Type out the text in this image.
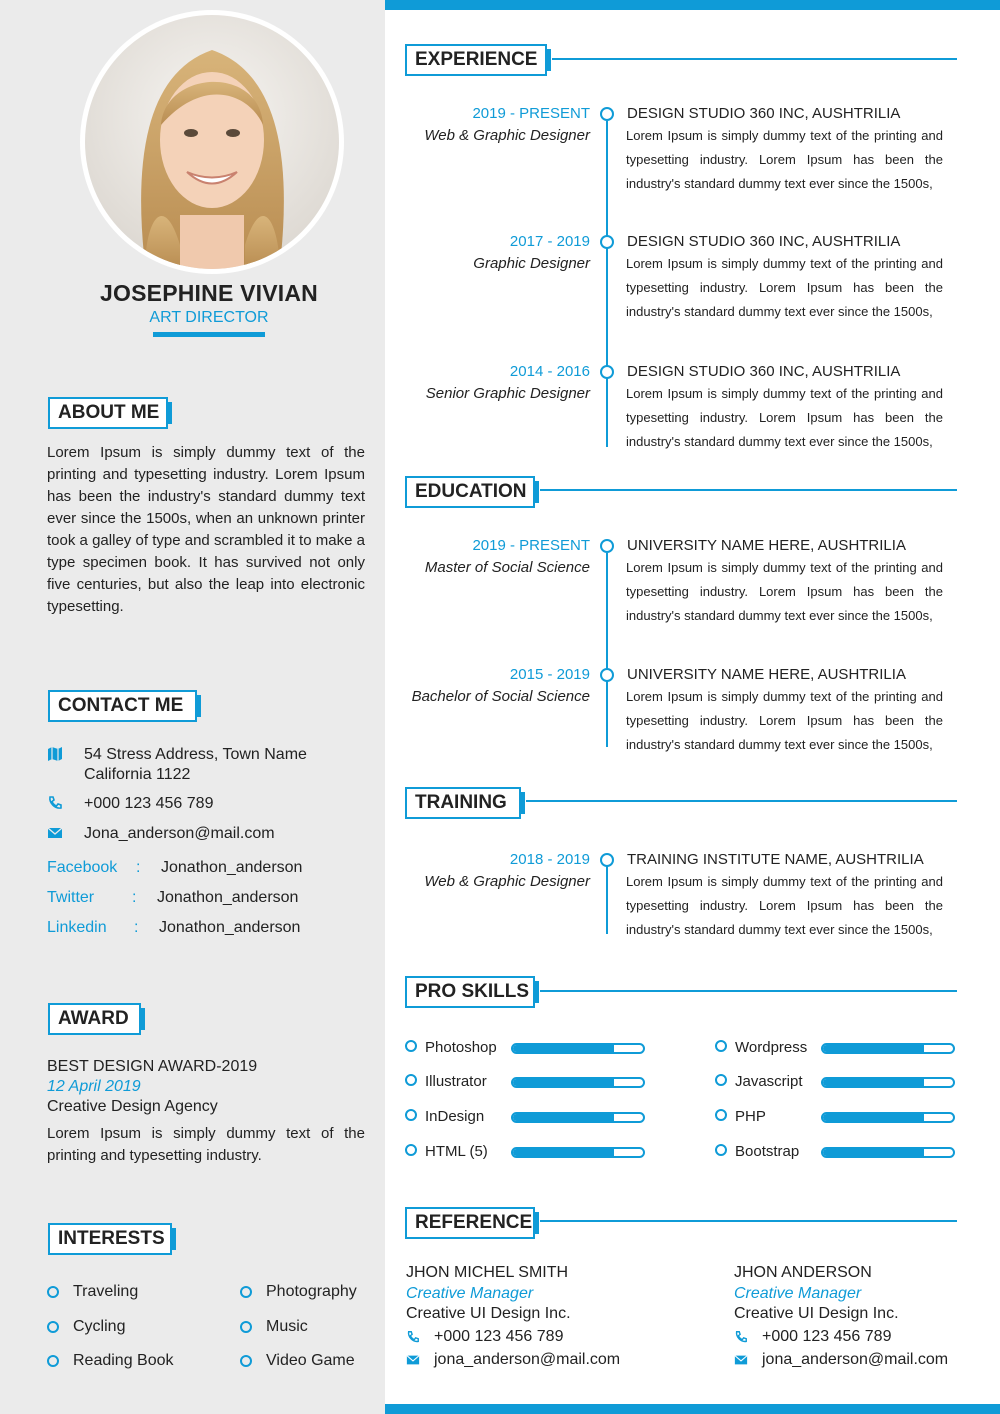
JOSEPHINE VIVIAN
ART DIRECTOR
ABOUT ME
Lorem Ipsum is simply dummy text of the printing and typesetting industry. Lorem Ipsum has been the industry's standard dummy text ever since the 1500s, when an unknown printer took a galley of type and scrambled it to make a type specimen book. It has survived not only five centuries, but also the leap into electronic typesetting.
CONTACT ME
54 Stress Address, Town Name
California 1122
+000 123 456 789
Jona_anderson@mail.com
Facebook : Jonathon_anderson
Twitter : Jonathon_anderson
Linkedin : Jonathon_anderson
AWARD
BEST DESIGN AWARD-2019
12 April 2019
Creative Design Agency
Lorem Ipsum is simply dummy text of the printing and typesetting industry.
INTERESTS
Traveling	Photography
Cycling	Music
Reading Book	Video Game
EXPERIENCE
2019 - PRESENT
Web & Graphic Designer
DESIGN STUDIO 360 INC, AUSHTRILIA
Lorem Ipsum is simply dummy text of the printing and typesetting industry. Lorem Ipsum has been the industry's standard dummy text ever since the 1500s,
2017 - 2019
Graphic Designer
DESIGN STUDIO 360 INC, AUSHTRILIA
Lorem Ipsum is simply dummy text of the printing and typesetting industry. Lorem Ipsum has been the industry's standard dummy text ever since the 1500s,
2014 - 2016
Senior Graphic Designer
DESIGN STUDIO 360 INC, AUSHTRILIA
Lorem Ipsum is simply dummy text of the printing and typesetting industry. Lorem Ipsum has been the industry's standard dummy text ever since the 1500s,
EDUCATION
2019 - PRESENT
Master of Social Science
UNIVERSITY NAME HERE, AUSHTRILIA
Lorem Ipsum is simply dummy text of the printing and typesetting industry. Lorem Ipsum has been the industry's standard dummy text ever since the 1500s,
2015 - 2019
Bachelor of Social Science
UNIVERSITY NAME HERE, AUSHTRILIA
Lorem Ipsum is simply dummy text of the printing and typesetting industry. Lorem Ipsum has been the industry's standard dummy text ever since the 1500s,
TRAINING
2018 - 2019
Web & Graphic Designer
TRAINING INSTITUTE NAME, AUSHTRILIA
Lorem Ipsum is simply dummy text of the printing and typesetting industry. Lorem Ipsum has been the industry's standard dummy text ever since the 1500s,
PRO SKILLS
Photoshop	Wordpress
Illustrator	Javascript
InDesign	PHP
HTML (5)	Bootstrap
REFERENCE
JHON MICHEL SMITH
Creative Manager
Creative UI Design Inc.
+000 123 456 789
jona_anderson@mail.com
JHON ANDERSON
Creative Manager
Creative UI Design Inc.
+000 123 456 789
jona_anderson@mail.com
